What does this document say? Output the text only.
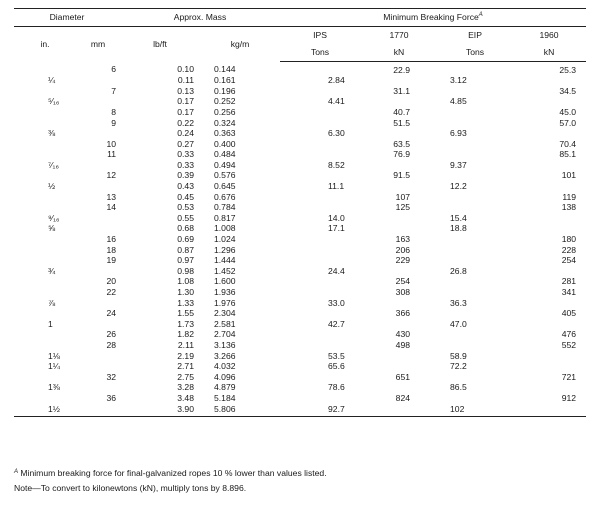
Diameter		Approx. Mass		Minimum Breaking Force$^A$
in.	mm	lb/ft	kg/m	IPS	1770	EIP	1960
				Tons	kN	Tons	kN
	6	0.10	0.144		22.9		25.3
¼		0.11	0.161	2.84		3.12	
	7	0.13	0.196		31.1		34.5
⁵⁄₁₆		0.17	0.252	4.41		4.85	
	8	0.17	0.256		40.7		45.0
	9	0.22	0.324		51.5		57.0
⅜		0.24	0.363	6.30		6.93	
	10	0.27	0.400		63.5		70.4
	11	0.33	0.484		76.9		85.1
⁷⁄₁₆		0.33	0.494	8.52		9.37	
	12	0.39	0.576		91.5		101
½		0.43	0.645	11.1		12.2	
	13	0.45	0.676		107		119
	14	0.53	0.784		125		138
⁹⁄₁₆		0.55	0.817	14.0		15.4	
⅝		0.68	1.008	17.1		18.8	
	16	0.69	1.024		163		180
	18	0.87	1.296		206		228
	19	0.97	1.444		229		254
¾		0.98	1.452	24.4		26.8	
	20	1.08	1.600		254		281
	22	1.30	1.936		308		341
⅞		1.33	1.976	33.0		36.3	
	24	1.55	2.304		366		405
1		1.73	2.581	42.7		47.0	
	26	1.82	2.704		430		476
	28	2.11	3.136		498		552
1⅛		2.19	3.266	53.5		58.9	
1¼		2.71	4.032	65.6		72.2	
	32	2.75	4.096		651		721
1⅜		3.28	4.879	78.6		86.5	
	36	3.48	5.184		824		912
1½		3.90	5.806	92.7		102	
$^A$ Minimum breaking force for final-galvanized ropes 10 % lower than values listed.
Note—To convert to kilonewtons (kN), multiply tons by 8.896.
